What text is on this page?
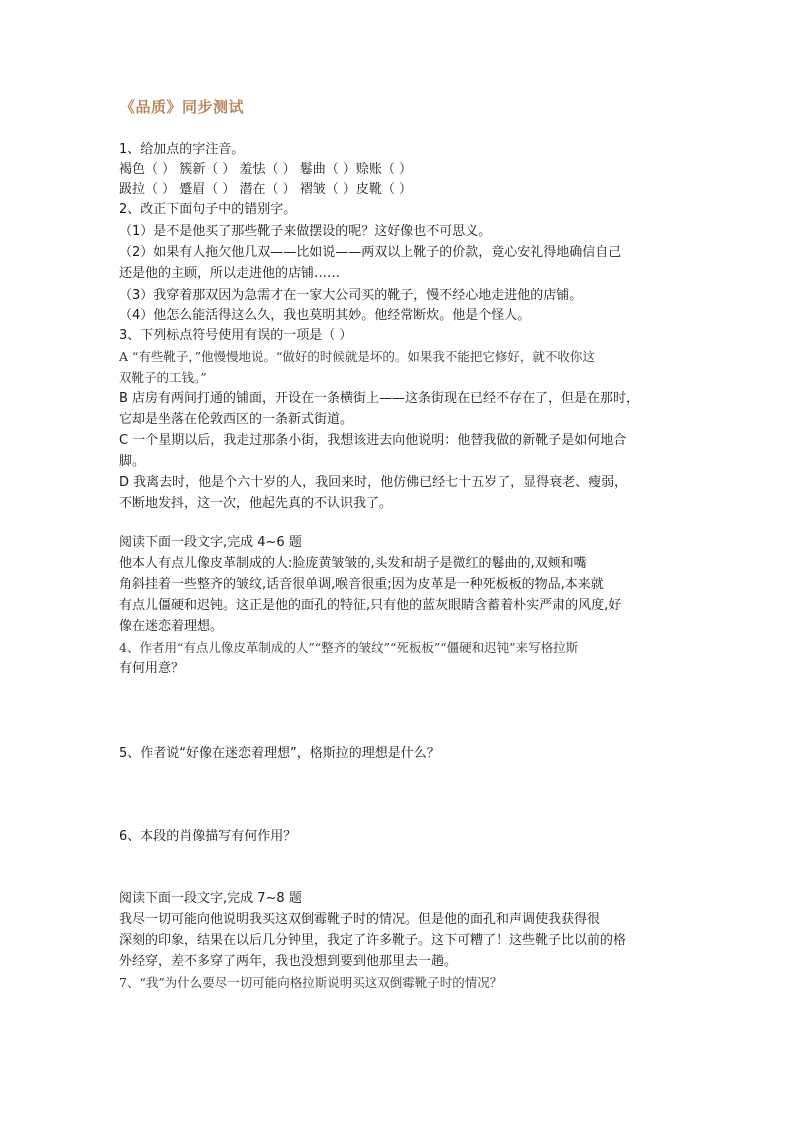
《品质》同步测试
1、给加点的字注音。
褐色（ ） 簇新（ ） 羞怯（ ） 鬈曲（ ）赊账（ ）
趿拉（ ） 蹙眉（ ） 潜在（ ） 褶皱（ ）皮靴（ ）
2、改正下面句子中的错别字。
（1）是不是他买了那些靴子来做摆设的呢？这好像也不可思义。
（2）如果有人拖欠他几双——比如说——两双以上靴子的价款，竟心安礼得地确信自己
还是他的主顾，所以走进他的店铺……
（3）我穿着那双因为急需才在一家大公司买的靴子，慢不经心地走进他的店铺。
（4）他怎么能活得这么久，我也莫明其妙。他经常断炊。他是个怪人。
3、下列标点符号使用有误的一项是（ ）
A “有些靴子，”他慢慢地说。“做好的时候就是坏的。如果我不能把它修好，就不收你这
双靴子的工钱。”
B 店房有两间打通的铺面，开设在一条横街上——这条街现在已经不存在了，但是在那时，
它却是坐落在伦敦西区的一条新式街道。
C 一个星期以后，我走过那条小街，我想该进去向他说明：他替我做的新靴子是如何地合
脚。
D 我离去时，他是个六十岁的人，我回来时，他仿佛已经七十五岁了，显得衰老、瘦弱，
不断地发抖，这一次，他起先真的不认识我了。
阅读下面一段文字,完成 4~6 题
他本人有点儿像皮革制成的人:脸庞黄皱皱的,头发和胡子是微红的鬈曲的,双颊和嘴
角斜挂着一些整齐的皱纹,话音很单调,喉音很重;因为皮革是一种死板板的物品,本来就
有点儿僵硬和迟钝。这正是他的面孔的特征,只有他的蓝灰眼睛含蓄着朴实严肃的风度,好
像在迷恋着理想。
4、作者用“有点儿像皮革制成的人”“整齐的皱纹”“死板板”“僵硬和迟钝”来写格拉斯
有何用意？
5、作者说“好像在迷恋着理想”，格斯拉的理想是什么？
6、本段的肖像描写有何作用？
阅读下面一段文字,完成 7~8 题
我尽一切可能向他说明我买这双倒霉靴子时的情况。但是他的面孔和声调使我获得很
深刻的印象，结果在以后几分钟里，我定了许多靴子。这下可糟了！这些靴子比以前的格
外经穿，差不多穿了两年，我也没想到要到他那里去一趟。
7、“我”为什么要尽一切可能向格拉斯说明买这双倒霉靴子时的情况？
